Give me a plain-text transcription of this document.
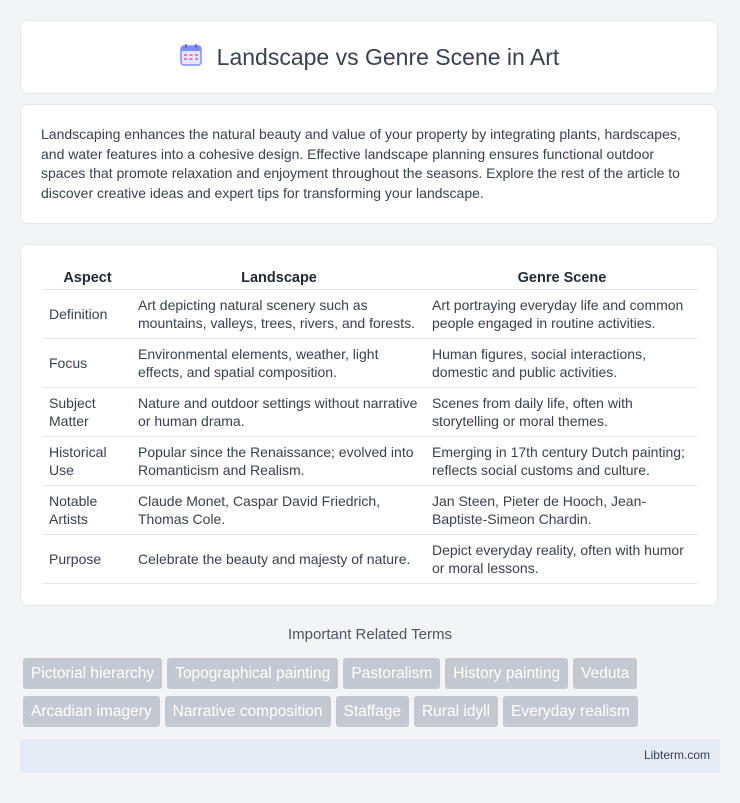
Landscape vs Genre Scene in Art

Landscaping enhances the natural beauty and value of your property by integrating plants, hardscapes, and water features into a cohesive design. Effective landscape planning ensures functional outdoor spaces that promote relaxation and enjoyment throughout the seasons. Explore the rest of the article to discover creative ideas and expert tips for transforming your landscape.

Aspect	Landscape	Genre Scene
Definition	Art depicting natural scenery such as mountains, valleys, trees, rivers, and forests.	Art portraying everyday life and common people engaged in routine activities.
Focus	Environmental elements, weather, light effects, and spatial composition.	Human figures, social interactions, domestic and public activities.
Subject Matter	Nature and outdoor settings without narrative or human drama.	Scenes from daily life, often with storytelling or moral themes.
Historical Use	Popular since the Renaissance; evolved into Romanticism and Realism.	Emerging in 17th century Dutch painting; reflects social customs and culture.
Notable Artists	Claude Monet, Caspar David Friedrich, Thomas Cole.	Jan Steen, Pieter de Hooch, Jean-Baptiste-Simeon Chardin.
Purpose	Celebrate the beauty and majesty of nature.	Depict everyday reality, often with humor or moral lessons.
Important Related Terms
Pictorial hierarchy Topographical painting Pastoralism History painting Veduta
Arcadian imagery Narrative composition Staffage Rural idyll Everyday realism
Libterm.com
